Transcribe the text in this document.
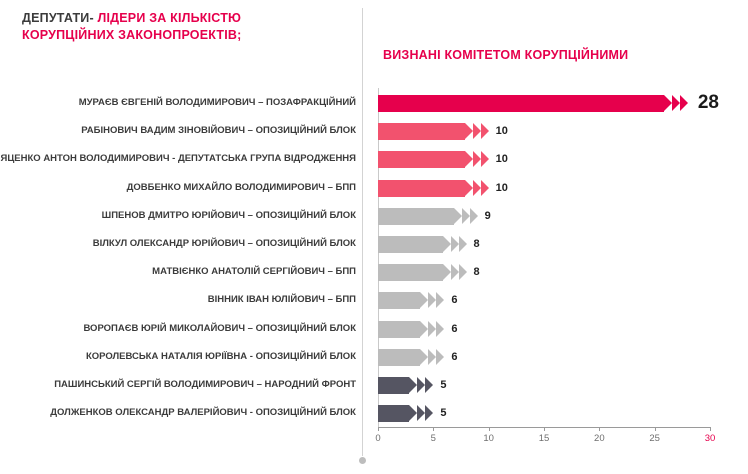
ДЕПУТАТИ- ЛІДЕРИ ЗА КІЛЬКІСТЮ
КОРУПЦІЙНИХ ЗАКОНОПРОЕКТІВ;
ВИЗНАНІ КОМІТЕТОМ КОРУПЦІЙНИМИ
МУРАЄВ ЄВГЕНІЙ ВОЛОДИМИРОВИЧ – ПОЗАФРАКЦІЙНИЙ	28
РАБІНОВИЧ ВАДИМ ЗІНОВІЙОВИЧ – ОПОЗИЦІЙНИЙ БЛОК	10
ЯЦЕНКО АНТОН ВОЛОДИМИРОВИЧ - ДЕПУТАТСЬКА ГРУПА ВІДРОДЖЕННЯ	10
ДОВБЕНКО МИХАЙЛО ВОЛОДИМИРОВИЧ – БПП	10
ШПЕНОВ ДМИТРО ЮРІЙОВИЧ – ОПОЗИЦІЙНИЙ БЛОК	9
ВІЛКУЛ ОЛЕКСАНДР ЮРІЙОВИЧ – ОПОЗИЦІЙНИЙ БЛОК	8
МАТВІЄНКО АНАТОЛІЙ СЕРГІЙОВИЧ – БПП	8
ВІННИК ІВАН ЮЛІЙОВИЧ – БПП	6
ВОРОПАЄВ ЮРІЙ МИКОЛАЙОВИЧ – ОПОЗИЦІЙНИЙ БЛОК	6
КОРОЛЕВСЬКА НАТАЛІЯ ЮРІЇВНА - ОПОЗИЦІЙНИЙ БЛОК	6
ПАШИНСЬКИЙ СЕРГІЙ ВОЛОДИМИРОВИЧ – НАРОДНИЙ ФРОНТ	5
ДОЛЖЕНКОВ ОЛЕКСАНДР ВАЛЕРІЙОВИЧ - ОПОЗИЦІЙНИЙ БЛОК	5
0	5	10	15	20	25	30
